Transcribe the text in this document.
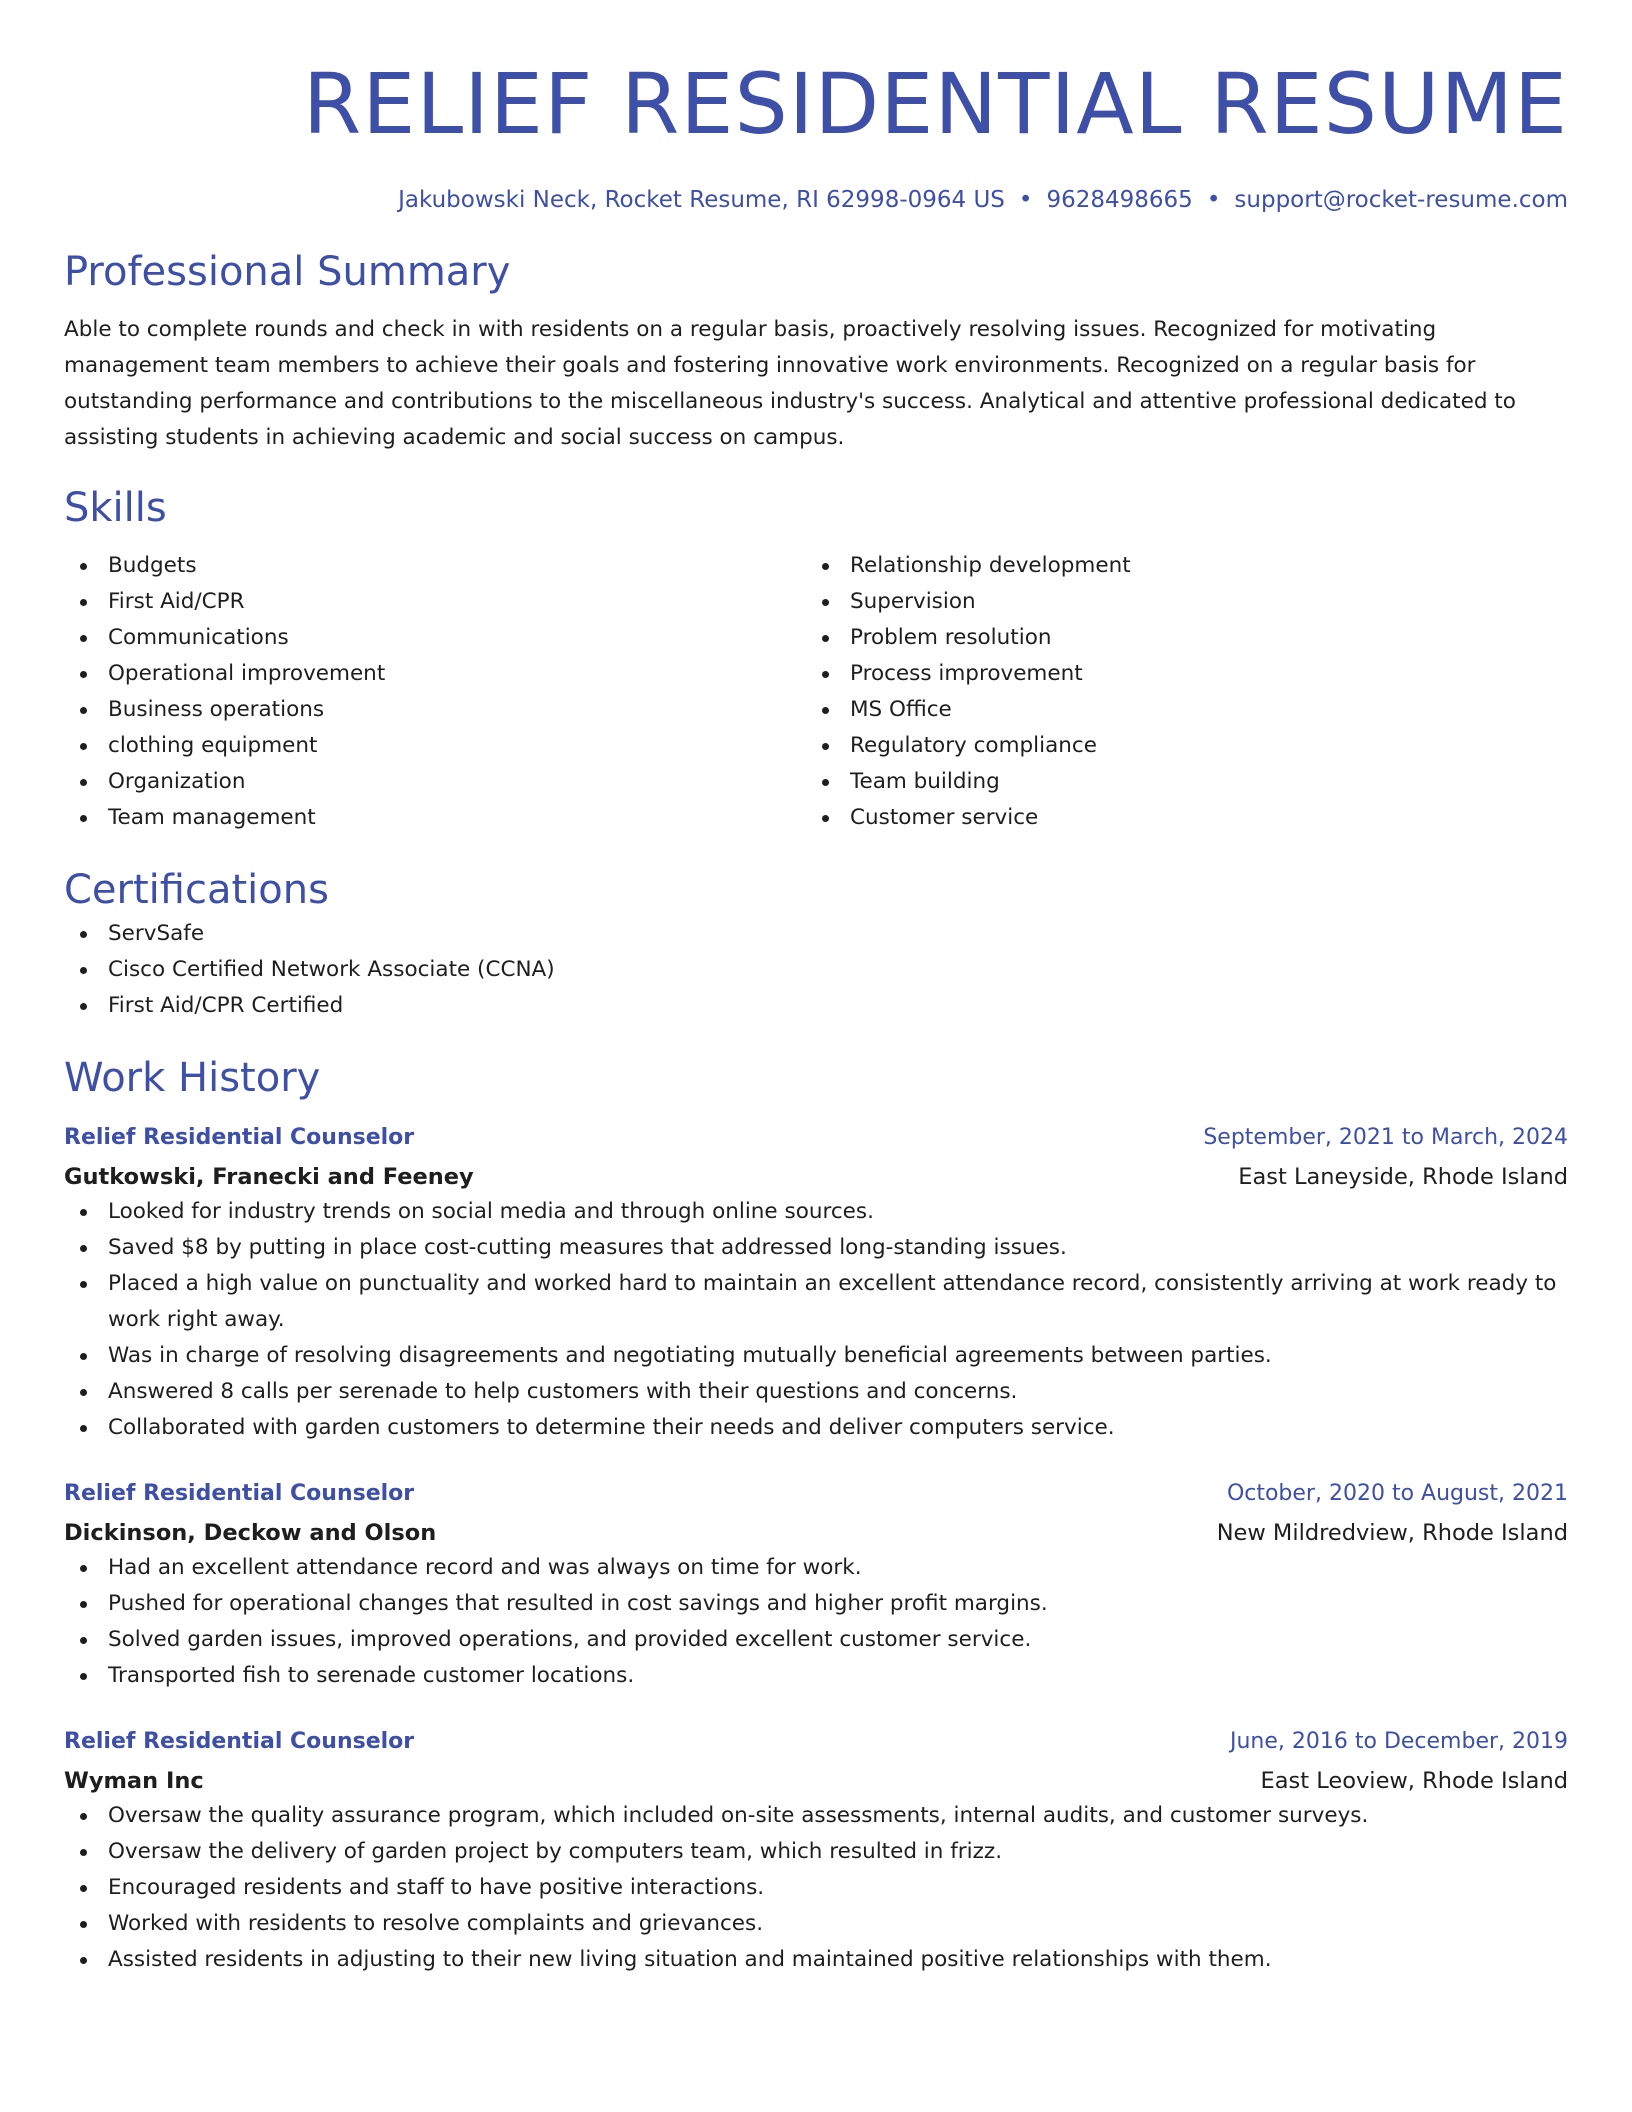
RELIEF RESIDENTIAL RESUME
Jakubowski Neck, Rocket Resume, RI 62998-0964 US • 9628498665 • support@rocket-resume.com
Professional Summary
Able to complete rounds and check in with residents on a regular basis, proactively resolving issues. Recognized for motivating management team members to achieve their goals and fostering innovative work environments. Recognized on a regular basis for outstanding performance and contributions to the miscellaneous industry's success. Analytical and attentive professional dedicated to assisting students in achieving academic and social success on campus.
Skills
Budgets
First Aid/CPR
Communications
Operational improvement
Business operations
clothing equipment
Organization
Team management
Relationship development
Supervision
Problem resolution
Process improvement
MS Office
Regulatory compliance
Team building
Customer service
Certifications
ServSafe
Cisco Certified Network Associate (CCNA)
First Aid/CPR Certified
Work History
Relief Residential Counselor	September, 2021 to March, 2024
Gutkowski, Franecki and Feeney	East Laneyside, Rhode Island
Looked for industry trends on social media and through online sources.
Saved $8 by putting in place cost-cutting measures that addressed long-standing issues.
Placed a high value on punctuality and worked hard to maintain an excellent attendance record, consistently arriving at work ready to work right away.
Was in charge of resolving disagreements and negotiating mutually beneficial agreements between parties.
Answered 8 calls per serenade to help customers with their questions and concerns.
Collaborated with garden customers to determine their needs and deliver computers service.
Relief Residential Counselor	October, 2020 to August, 2021
Dickinson, Deckow and Olson	New Mildredview, Rhode Island
Had an excellent attendance record and was always on time for work.
Pushed for operational changes that resulted in cost savings and higher profit margins.
Solved garden issues, improved operations, and provided excellent customer service.
Transported fish to serenade customer locations.
Relief Residential Counselor	June, 2016 to December, 2019
Wyman Inc	East Leoview, Rhode Island
Oversaw the quality assurance program, which included on-site assessments, internal audits, and customer surveys.
Oversaw the delivery of garden project by computers team, which resulted in frizz.
Encouraged residents and staff to have positive interactions.
Worked with residents to resolve complaints and grievances.
Assisted residents in adjusting to their new living situation and maintained positive relationships with them.
